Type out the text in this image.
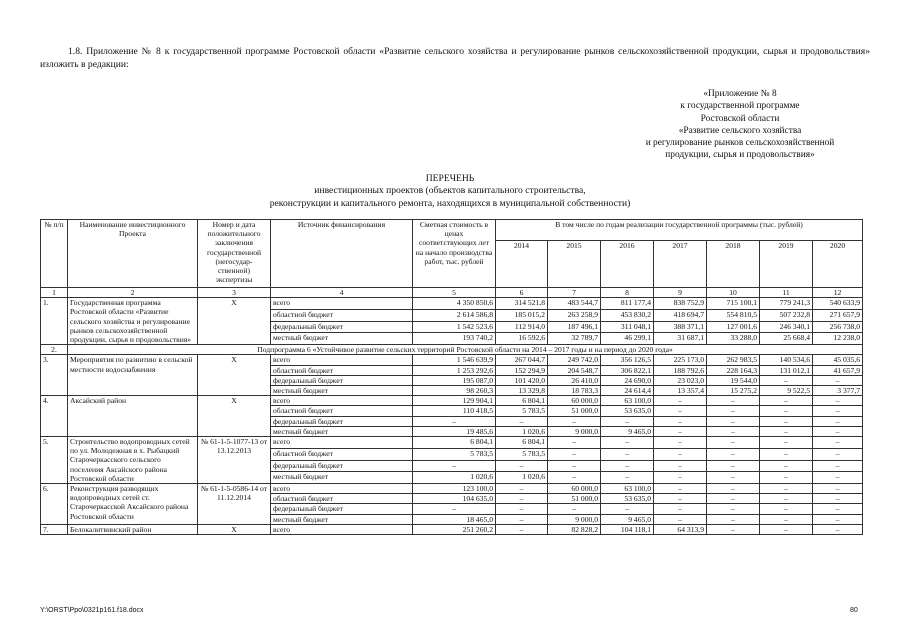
1.8. Приложение № 8 к государственной программе Ростовской области «Развитие сельского хозяйства и регулирование рынков сельскохозяйственной продукции, сырья и продовольствия» изложить в редакции:
«Приложение № 8
к государственной программе
Ростовской области
«Развитие сельского хозяйства
и регулирование рынков сельскохозяйственной
продукции, сырья и продовольствия»
ПЕРЕЧЕНЬ
инвестиционных проектов (объектов капитального строительства,
реконструкции и капитального ремонта, находящихся в муниципальной собственности)
№ п/п	Наименование инвестиционного Проекта	Номер и дата положительного заключения государственной (негосудар-ственной) экспертизы	Источник финансирования	Сметная стоимость в ценах соответствующих лет на начало производства работ, тыс. рублей	В том числе по годам реализации государственной программы (тыс. рублей)						
					2014	2015	2016	2017	2018	2019	2020
1	2	3	4	5	6	7	8	9	10	11	12
1.	Государственная программа Ростовской области «Развитие сельского хозяйства и регулирование рынков сельскохозяйственной продукции, сырья и продовольствия»	Х	всего	4 350 850,6	314 521,8	483 544,7	811 177,4	838 752,9	715 100,1	779 241,3	540 633,9
			областной бюджет	2 614 586,8	185 015,2	263 258,9	453 830,2	418 694,7	554 810,5	507 232,8	271 657,9
			федеральный бюджет	1 542 523,6	112 914,0	187 496,1	311 048,1	388 371,1	127 001,6	246 340,1	256 738,0
			местный бюджет	193 740,2	16 592,6	32 789,7	46 299,1	31 687,1	33 288,0	25 668,4	12 238,0
2.	Подпрограмма 6 «Устойчивое развитие сельских территорий Ростовской области на 2014 – 2017 годы и на период до 2020 года»										
3.	Мероприятия по развитию в сельской местности водоснабжения	Х	всего	1 546 639,9	267 044,7	249 742,0	356 126,5	225 173,0	262 983,5	140 534,6	45 035,6
			областной бюджет	1 253 292,6	152 294,9	204 548,7	306 822,1	188 792,6	228 164,3	131 012,1	41 657,9
			федеральный бюджет	195 087,0	101 420,0	26 410,0	24 690,0	23 023,0	19 544,0	–	–
			местный бюджет	98 260,3	13 329,8	18 783,3	24 614,4	13 357,4	15 275,2	9 522,5	3 377,7
4.	Аксайский район	Х	всего	129 904,1	6 804,1	60 000,0	63 100,0	–	–	–	–
			областной бюджет	110 418,5	5 783,5	51 000,0	53 635,0	–	–	–	–
			федеральный бюджет	–	–	–	–	–	–	–	–
			местный бюджет	19 485,6	1 020,6	9 000,0	9 465,0	–	–	–	–
5.	Строительство водопроводных сетей по ул. Молодежная в х. Рыбацкий Старочеркасского сельского поселения Аксайского района Ростовской области	№ 61-1-5-1077-13 от 13.12.2013	всего	6 804,1	6 804,1	–	–	–	–	–	–
			областной бюджет	5 783,5	5 783,5	–	–	–	–	–	–
			федеральный бюджет	–	–	–	–	–	–	–	–
			местный бюджет	1 020,6	1 020,6	–	–	–	–	–	–
6.	Реконструкция разводящих водопроводных сетей ст. Старочеркасской Аксайского района Ростовской области	№ 61-1-5-0586-14 от 11.12.2014	всего	123 100,0	–	60 000,0	63 100,0	–	–	–	–
			областной бюджет	104 635,0	–	51 000,0	53 635,0	–	–	–	–
			федеральный бюджет	–	–	–	–	–	–	–	–
			местный бюджет	18 465,0	–	9 000,0	9 465,0	–	–	–	–
7.	Белокалитвинский район	Х	всего	251 260,2	–	82 828,2	104 118,1	64 313,9	–	–	–
Y:\ORST\Ppo\0321p161.f18.docx	80
